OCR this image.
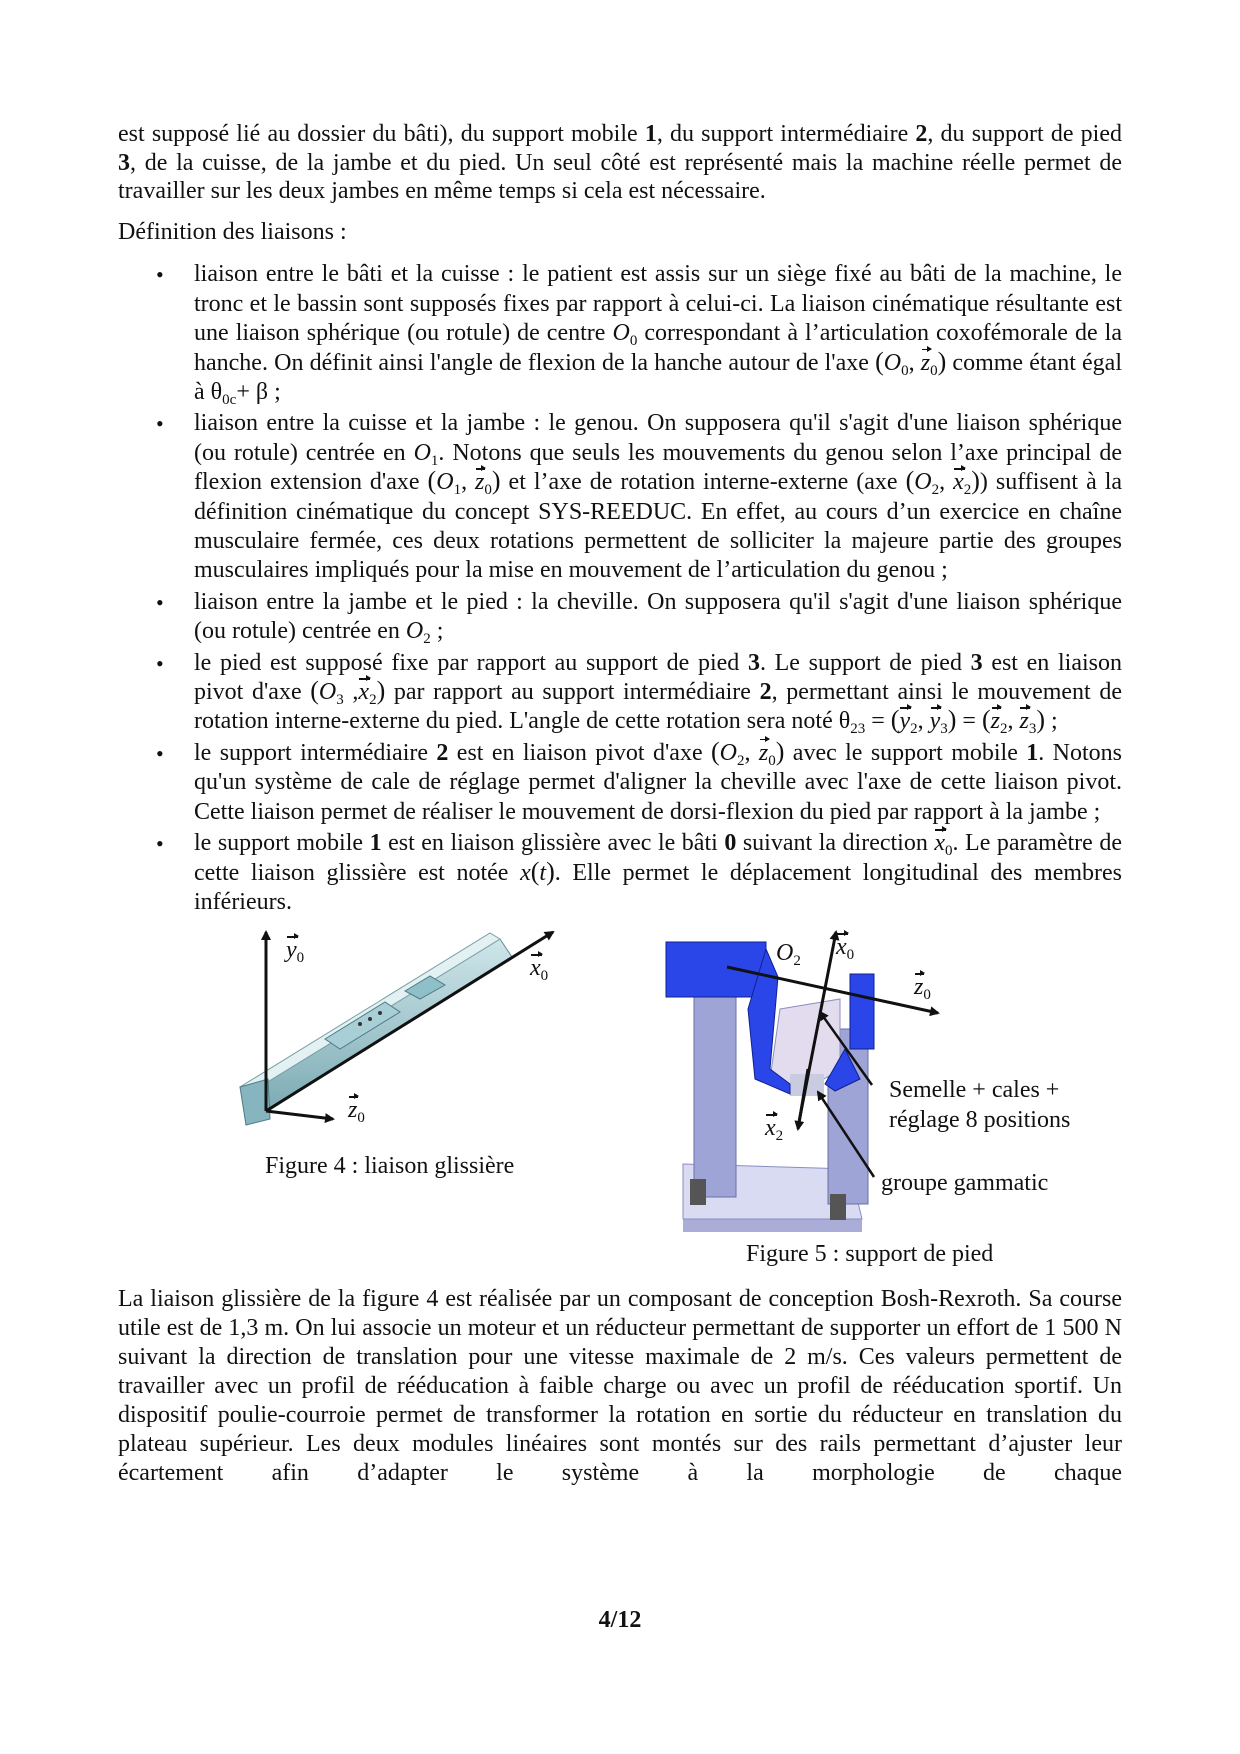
est supposé lié au dossier du bâti), du support mobile 1, du support intermédiaire 2, du support de pied 3, de la cuisse, de la jambe et du pied. Un seul côté est représenté mais la machine réelle permet de travailler sur les deux jambes en même temps si cela est nécessaire.
Définition des liaisons :
• liaison entre le bâti et la cuisse : le patient est assis sur un siège fixé au bâti de la machine, le tronc et le bassin sont supposés fixes par rapport à celui-ci. La liaison cinématique résultante est une liaison sphérique (ou rotule) de centre $O_0$ correspondant à l’articulation coxofémorale de la hanche. On définit ainsi l'angle de flexion de la hanche autour de l'axe ($O_0$, $z_0$) comme étant égal à $\theta_{0c}+ \beta$ ;
• liaison entre la cuisse et la jambe : le genou. On supposera qu'il s'agit d'une liaison sphérique (ou rotule) centrée en $O_1$. Notons que seuls les mouvements du genou selon l’axe principal de flexion extension d'axe ($O_1$, $z_0$) et l’axe de rotation interne-externe (axe ($O_2$, $x_2$)) suffisent à la définition cinématique du concept SYS-REEDUC. En effet, au cours d’un exercice en chaîne musculaire fermée, ces deux rotations permettent de solliciter la majeure partie des groupes musculaires impliqués pour la mise en mouvement de l’articulation du genou ;
• liaison entre la jambe et le pied : la cheville. On supposera qu'il s'agit d'une liaison sphérique (ou rotule) centrée en $O_2$ ;
• le pied est supposé fixe par rapport au support de pied 3. Le support de pied 3 est en liaison pivot d'axe ($O_3$ $,x_2$) par rapport au support intermédiaire 2, permettant ainsi le mouvement de rotation interne-externe du pied. L'angle de cette rotation sera noté $\theta_{23} = (y_2$, $y_3) = (z_2$, $z_3$) ;
• le support intermédiaire 2 est en liaison pivot d'axe ($O_2$, $z_0$) avec le support mobile 1. Notons qu'un système de cale de réglage permet d'aligner la cheville avec l'axe de cette liaison pivot. Cette liaison permet de réaliser le mouvement de dorsi-flexion du pied par rapport à la jambe ;
• le support mobile 1 est en liaison glissière avec le bâti 0 suivant la direction $x_0$. Le paramètre de cette liaison glissière est notée x(t). Elle permet le déplacement longitudinal des membres inférieurs.
$y_0$	$x_0$
$z_0$
Figure 4 : liaison glissière
$O_2$
$x_0$
$z_0$
$x_2$
Semelle + cales +
réglage 8 positions
groupe gammatic
Figure 5 : support de pied
La liaison glissière de la figure 4 est réalisée par un composant de conception Bosh-Rexroth. Sa course utile est de 1,3 m. On lui associe un moteur et un réducteur permettant de supporter un effort de 1 500 N suivant la direction de translation pour une vitesse maximale de 2 m/s. Ces valeurs permettent de travailler avec un profil de rééducation à faible charge ou avec un profil de rééducation sportif. Un dispositif poulie-courroie permet de transformer la rotation en sortie du réducteur en translation du plateau supérieur. Les deux modules linéaires sont montés sur des rails permettant d’ajuster leur écartement afin d’adapter le système à la morphologie de chaque
4/12
